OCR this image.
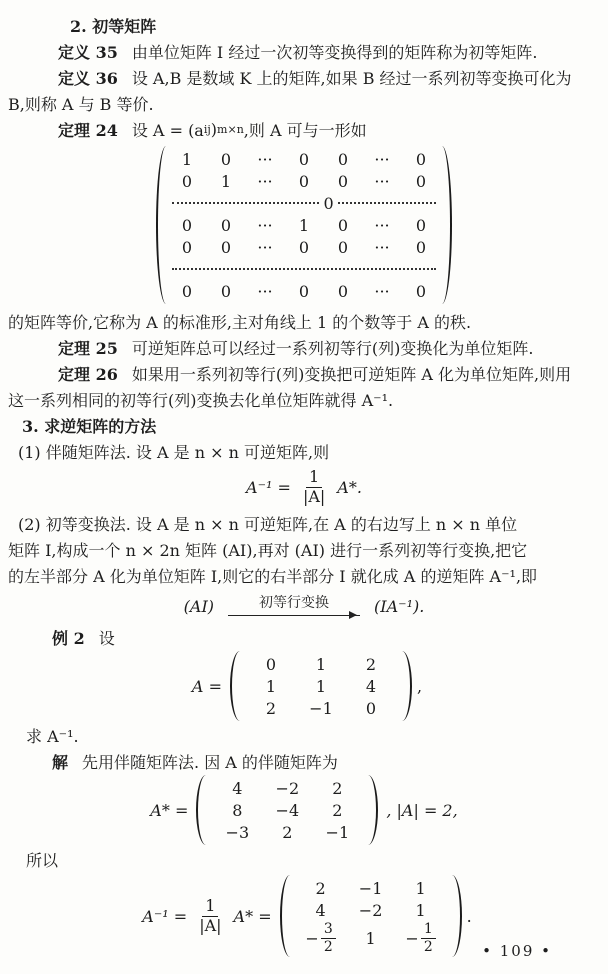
2. 初等矩阵
定义 35 由单位矩阵 I 经过一次初等变换得到的矩阵称为初等矩阵.
定义 36 设 A,B 是数域 K 上的矩阵,如果 B 经过一系列初等变换可化为
B,则称 A 与 B 等价.
定理 24 设 A = (a ij ) m×n ,则 A 可与一形如
1	0	···	0	0	···	0
0	1	···	0	0	···	0
0
0	0	···	1	0	···	0
0	0	···	0	0	···	0
0	0	···	0	0	···	0
的矩阵等价,它称为 A 的标准形,主对角线上 1 的个数等于 A 的秩.
定理 25 可逆矩阵总可以经过一系列初等行(列)变换化为单位矩阵.
定理 26 如果用一系列初等行(列)变换把可逆矩阵 A 化为单位矩阵,则用
这一系列相同的初等行(列)变换去化单位矩阵就得 A⁻¹.
3. 求逆矩阵的方法
(1) 伴随矩阵法. 设 A 是 n × n 可逆矩阵,则
$A^{-1} = \frac{1}{|A|} A*$.
(2) 初等变换法. 设 A 是 n × n 可逆矩阵,在 A 的右边写上 n × n 单位
矩阵 I,构成一个 n × 2n 矩阵 (AI),再对 (AI) 进行一系列初等行变换,把它
的左半部分 A 化为单位矩阵 I,则它的右半部分 I 就化成 A 的逆矩阵 A⁻¹,即
(AI)	初等行变换	(IA⁻¹).
例 2 设
A =
0	1	2
1	1	4
2	−1	0
,
求 A⁻¹.
解 先用伴随矩阵法. 因 A 的伴随矩阵为
A* =
4	−2	2
8	−4	2
−3	2	−1
, |A| = 2,
所以
$A^{-1} = \frac{1}{|A|} A*$ =
2	−1	1
4	−2	1
− $\frac{3}{2}$	1	− $\frac{1}{2}$
.
• 109 •
